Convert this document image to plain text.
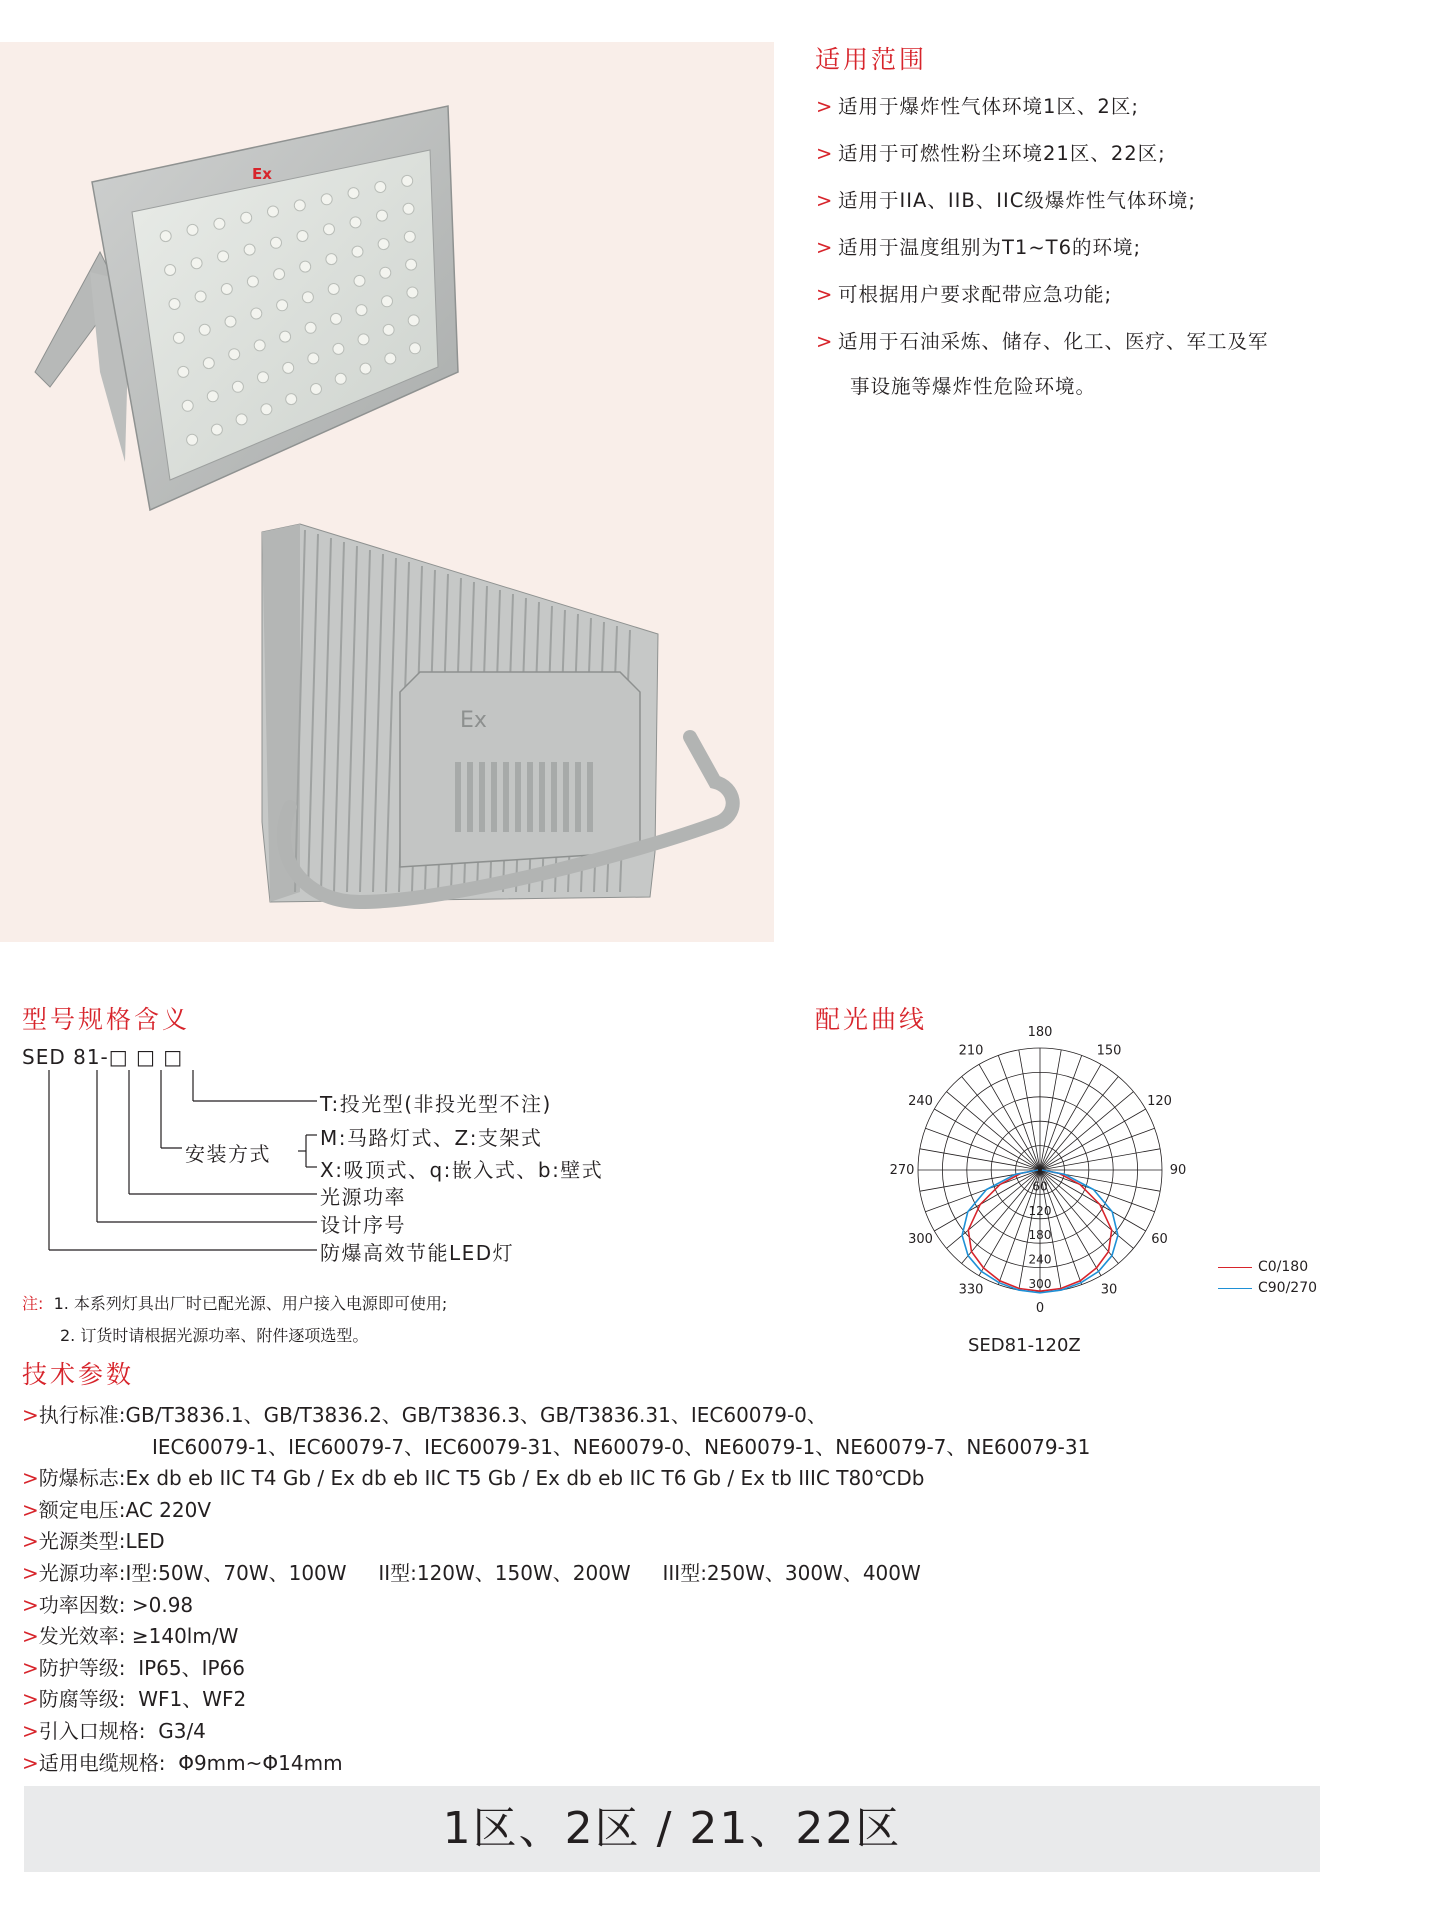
Ex
Ex
适用范围
> 适用于爆炸性气体环境1区、2区;
> 适用于可燃性粉尘环境21区、22区;
> 适用于IIA、IIB、IIC级爆炸性气体环境;
> 适用于温度组别为T1~T6的环境;
> 可根据用户要求配带应急功能;
> 适用于石油采炼、储存、化工、医疗、军工及军
事设施等爆炸性危险环境。
型号规格含义
SED 81-□ □ □
T:投光型(非投光型不注)
安装方式
M:马路灯式、Z:支架式
X:吸顶式、q:嵌入式、b:壁式
光源功率
设计序号
防爆高效节能LED灯
注: 1. 本系列灯具出厂时已配光源、用户接入电源即可使用;
2. 订货时请根据光源功率、附件逐项选型。
配光曲线	180
150
120
90
60
30
0
330
300
270
240
210
60
120
180
240
300
SED81-120Z
C0/180
C90/270
技术参数
>执行标准:GB/T3836.1、GB/T3836.2、GB/T3836.3、GB/T3836.31、IEC60079-0、
IEC60079-1、IEC60079-7、IEC60079-31、NE60079-0、NE60079-1、NE60079-7、NE60079-31
>防爆标志:Ex db eb IIC T4 Gb / Ex db eb IIC T5 Gb / Ex db eb IIC T6 Gb / Ex tb IIIC T80℃Db
>额定电压:AC 220V
>光源类型:LED
>光源功率:I型:50W、70W、100W     II型:120W、150W、200W     III型:250W、300W、400W
>功率因数: >0.98
>发光效率: ≥140lm/W
>防护等级:  IP65、IP66
>防腐等级:  WF1、WF2
>引入口规格:  G3/4
>适用电缆规格:  Φ9mm~Φ14mm
1区、2区 / 21、22区
